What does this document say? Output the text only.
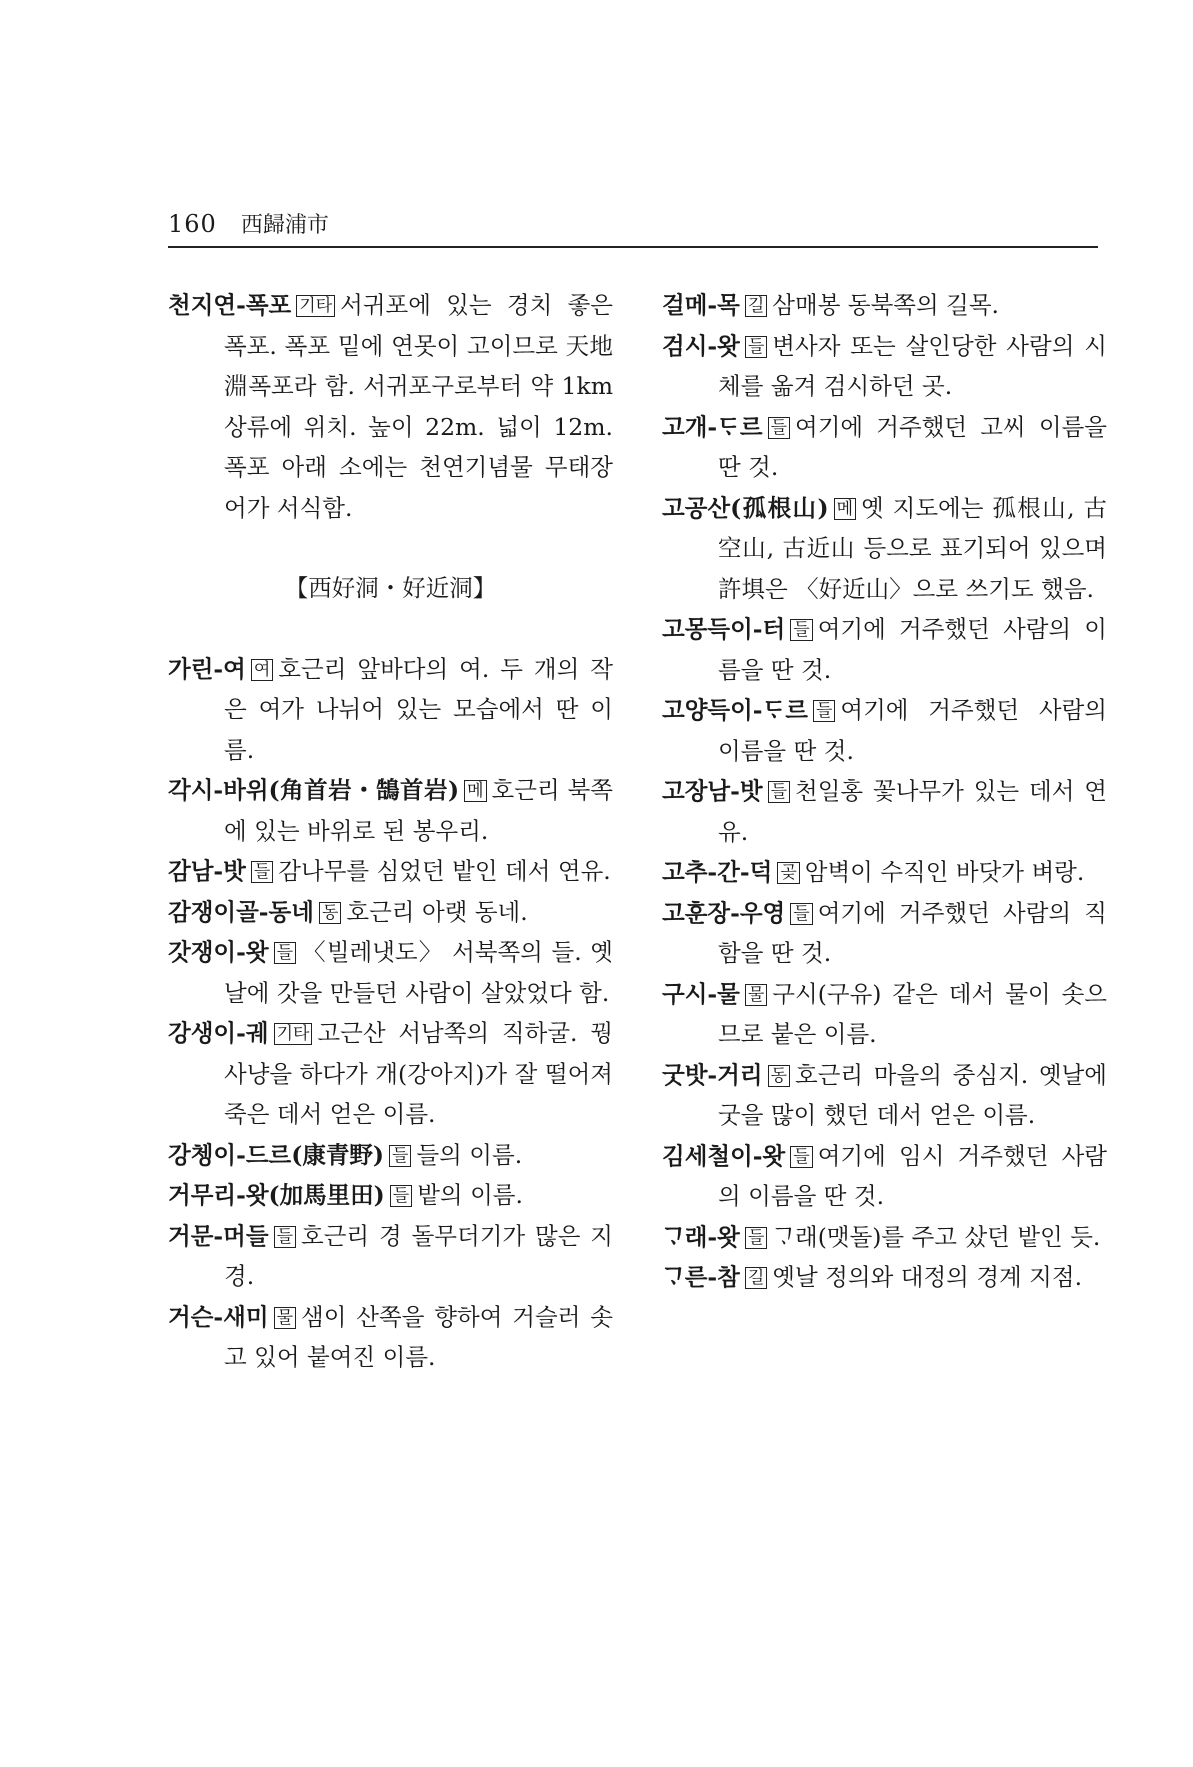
160 西歸浦市
천지연-폭포 기타 서귀포에 있는 경치 좋은 폭포. 폭포 밑에 연못이 고이므로 天地淵폭포라 함. 서귀포구로부터 약 1km 상류에 위치. 높이 22m. 넓이 12m. 폭포 아래 소에는 천연기념물 무태장어가 서식함.
【西好洞・好近洞】
가린-여 여 호근리 앞바다의 여. 두 개의 작은 여가 나뉘어 있는 모습에서 딴 이름.
각시-바위(角首岩・鵠首岩) 메 호근리 북쪽에 있는 바위로 된 봉우리.
감남-밧 들 감나무를 심었던 밭인 데서 연유.
감쟁이골-동네 동 호근리 아랫 동네.
갓쟁이-왓 들 〈빌레냇도〉 서북쪽의 들. 옛날에 갓을 만들던 사람이 살았었다 함.
강생이-궤 기타 고근산 서남쪽의 직하굴. 꿩 사냥을 하다가 개(강아지)가 잘 떨어져 죽은 데서 얻은 이름.
강쳉이-드르(康青野) 들 들의 이름.
거무리-왓(加馬里田) 들 밭의 이름.
거문-머들 들 호근리 경 돌무더기가 많은 지경.
거슨-새미 물 샘이 산쪽을 향하여 거슬러 솟고 있어 붙여진 이름.
걸메-목 길 삼매봉 동북쪽의 길목.
검시-왓 들 변사자 또는 살인당한 사람의 시체를 옮겨 검시하던 곳.
고개-ᄃᆞ르 들 여기에 거주했던 고씨 이름을 딴 것.
고공산(孤根山) 메 옛 지도에는 孤根山, 古空山, 古近山 등으로 표기되어 있으며 許埧은 〈好近山〉으로 쓰기도 했음.
고몽득이-터 들 여기에 거주했던 사람의 이름을 딴 것.
고양득이-ᄃᆞ르 들 여기에 거주했던 사람의 이름을 딴 것.
고장남-밧 들 천일홍 꽃나무가 있는 데서 연유.
고추-간-덕 곶 암벽이 수직인 바닷가 벼랑.
고훈장-우영 들 여기에 거주했던 사람의 직함을 딴 것.
구시-물 물 구시(구유) 같은 데서 물이 솟으므로 붙은 이름.
굿밧-거리 동 호근리 마을의 중심지. 옛날에 굿을 많이 했던 데서 얻은 이름.
김세철이-왓 들 여기에 임시 거주했던 사람의 이름을 딴 것.
ᄀᆞ래-왓 들 ᄀᆞ래(맷돌)를 주고 샀던 밭인 듯.
ᄀᆞ른-참 길 옛날 정의와 대정의 경계 지점.
